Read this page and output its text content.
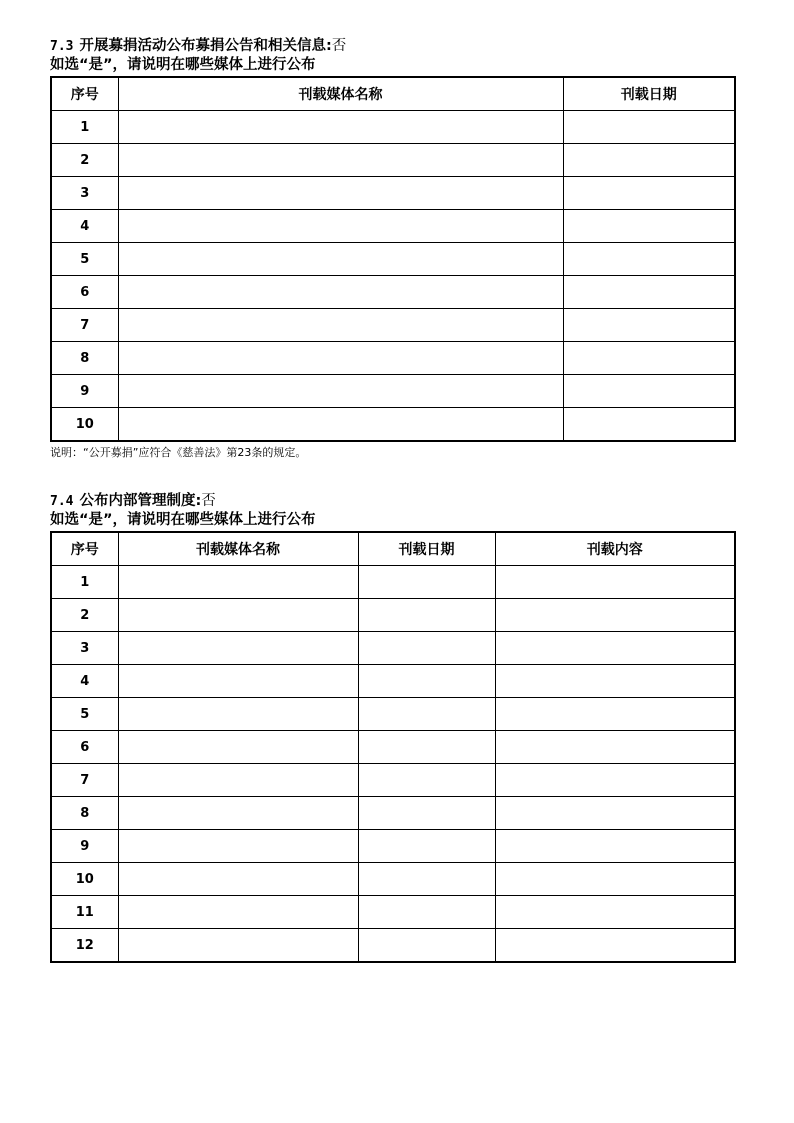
7.3 开展募捐活动公布募捐公告和相关信息:否
如选“是”，请说明在哪些媒体上进行公布
序号	刊载媒体名称	刊载日期
1		
2		
3		
4		
5		
6		
7		
8		
9		
10		
说明：“公开募捐”应符合《慈善法》第23条的规定。
7.4 公布内部管理制度:否
如选“是”，请说明在哪些媒体上进行公布
序号	刊载媒体名称	刊载日期	刊载内容
1			
2			
3			
4			
5			
6			
7			
8			
9			
10			
11			
12			
